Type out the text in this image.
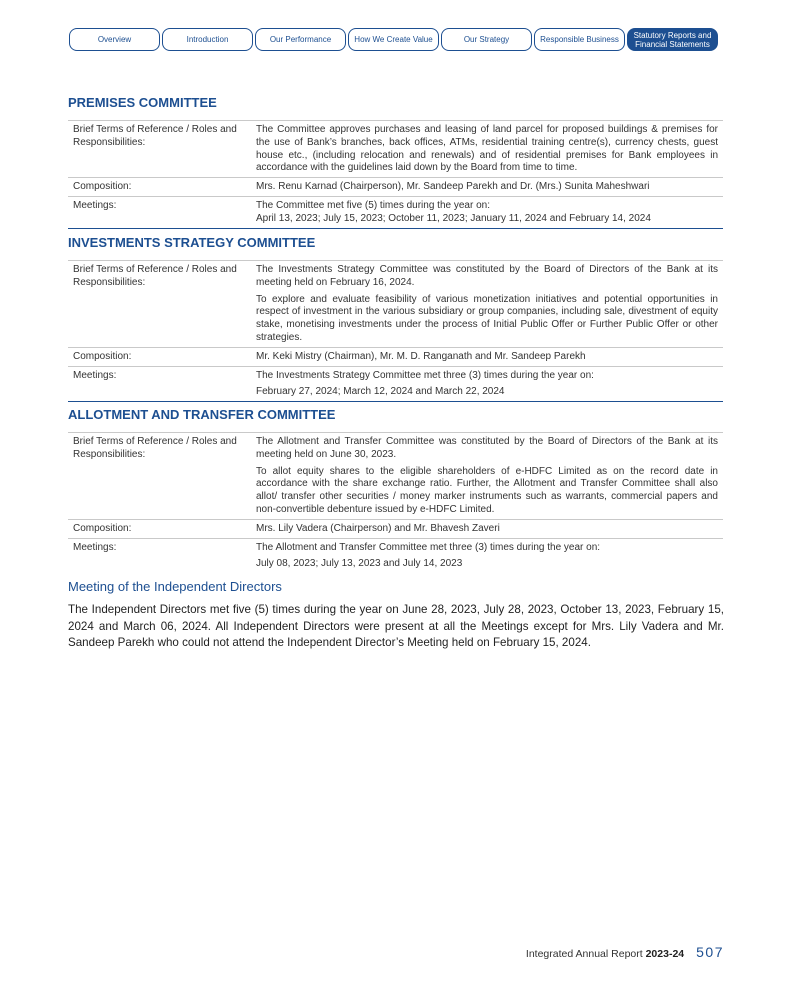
Overview	Introduction	Our Performance	How We Create Value	Our Strategy	Responsible Business Statutory Reports and
Financial Statements
PREMISES COMMITTEE
Brief Terms of Reference / Roles and Responsibilities:	The Committee approves purchases and leasing of land parcel for proposed buildings & premises for the use of Bank’s branches, back offices, ATMs, residential training centre(s), currency chests, guest house etc., (including relocation and renewals) and of residential premises for Bank employees in accordance with the guidelines laid down by the Board from time to time.
Composition:	Mrs. Renu Karnad (Chairperson), Mr. Sandeep Parekh and Dr. (Mrs.) Sunita Maheshwari
Meetings:	The Committee met five (5) times during the year on:

April 13, 2023; July 15, 2023; October 11, 2023; January 11, 2024 and February 14, 2024

INVESTMENTS STRATEGY COMMITTEE
Brief Terms of Reference / Roles and Responsibilities:	The Investments Strategy Committee was constituted by the Board of Directors of the Bank at its meeting held on February 16, 2024.

To explore and evaluate feasibility of various monetization initiatives and potential opportunities in respect of investment in the various subsidiary or group companies, including sale, divestment of equity stake, monetising investments under the process of Initial Public Offer or Further Public Offer or other strategies.

Composition:	Mr. Keki Mistry (Chairman), Mr. M. D. Ranganath and Mr. Sandeep Parekh
Meetings:	The Investments Strategy Committee met three (3) times during the year on:

February 27, 2024; March 12, 2024 and March 22, 2024

ALLOTMENT AND TRANSFER COMMITTEE
Brief Terms of Reference / Roles and Responsibilities:	The Allotment and Transfer Committee was constituted by the Board of Directors of the Bank at its meeting held on June 30, 2023.

To allot equity shares to the eligible shareholders of e-HDFC Limited as on the record date in accordance with the share exchange ratio. Further, the Allotment and Transfer Committee shall also allot/ transfer other securities / money marker instruments such as warrants, commercial papers and non-convertible debenture issued by e-HDFC Limited.

Composition:	Mrs. Lily Vadera (Chairperson) and Mr. Bhavesh Zaveri
Meetings:	The Allotment and Transfer Committee met three (3) times during the year on:

July 08, 2023; July 13, 2023 and July 14, 2023

Meeting of the Independent Directors

The Independent Directors met five (5) times during the year on June 28, 2023, July 28, 2023, October 13, 2023, February 15, 2024 and March 06, 2024. All Independent Directors were present at all the Meetings except for Mrs. Lily Vadera and Mr. Sandeep Parekh who could not attend the Independent Director’s Meeting held on February 15, 2024.

Integrated Annual Report 2023-24 507
